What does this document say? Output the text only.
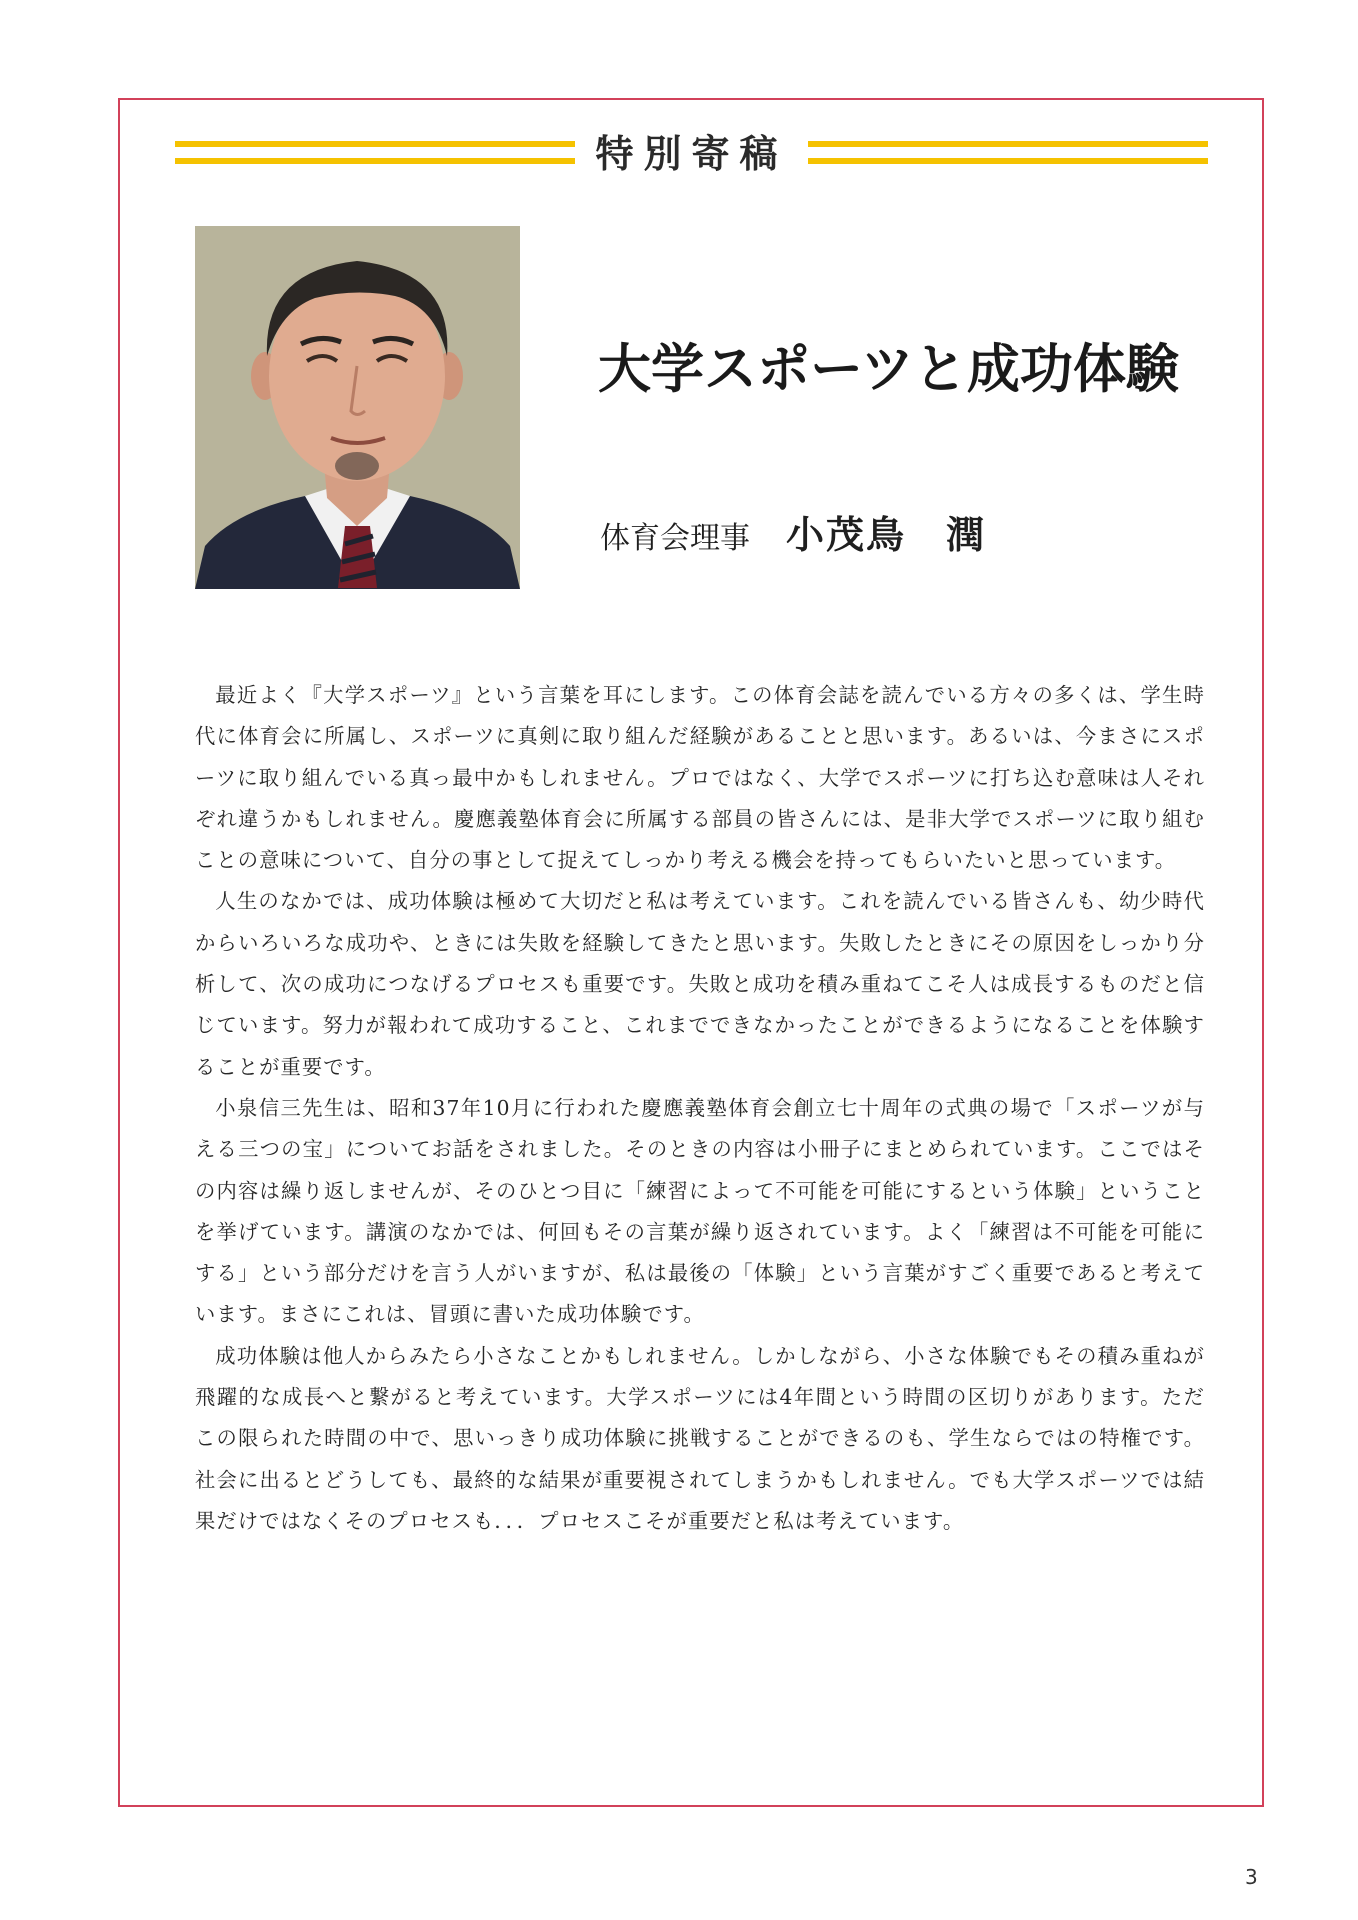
特別寄稿
大学スポーツと成功体験
体育会理事 小茂鳥　潤

最近よく『大学スポーツ』という言葉を耳にします。この体育会誌を読んでいる方々の多くは、学生時代に体育会に所属し、スポーツに真剣に取り組んだ経験があることと思います。あるいは、今まさにスポーツに取り組んでいる真っ最中かもしれません。プロではなく、大学でスポーツに打ち込む意味は人それぞれ違うかもしれません。慶應義塾体育会に所属する部員の皆さんには、是非大学でスポーツに取り組むことの意味について、自分の事として捉えてしっかり考える機会を持ってもらいたいと思っています。

人生のなかでは、成功体験は極めて大切だと私は考えています。これを読んでいる皆さんも、幼少時代からいろいろな成功や、ときには失敗を経験してきたと思います。失敗したときにその原因をしっかり分析して、次の成功につなげるプロセスも重要です。失敗と成功を積み重ねてこそ人は成長するものだと信じています。努力が報われて成功すること、これまでできなかったことができるようになることを体験することが重要です。

小泉信三先生は、昭和37年10月に行われた慶應義塾体育会創立七十周年の式典の場で「スポーツが与える三つの宝」についてお話をされました。そのときの内容は小冊子にまとめられています。ここではその内容は繰り返しませんが、そのひとつ目に「練習によって不可能を可能にするという体験」ということを挙げています。講演のなかでは、何回もその言葉が繰り返されています。よく「練習は不可能を可能にする」という部分だけを言う人がいますが、私は最後の「体験」という言葉がすごく重要であると考えています。まさにこれは、冒頭に書いた成功体験です。

成功体験は他人からみたら小さなことかもしれません。しかしながら、小さな体験でもその積み重ねが飛躍的な成長へと繋がると考えています。大学スポーツには4年間という時間の区切りがあります。ただこの限られた時間の中で、思いっきり成功体験に挑戦することができるのも、学生ならではの特権です。社会に出るとどうしても、最終的な結果が重要視されてしまうかもしれません。でも大学スポーツでは結果だけではなくそのプロセスも．．．プロセスこそが重要だと私は考えています。

3
